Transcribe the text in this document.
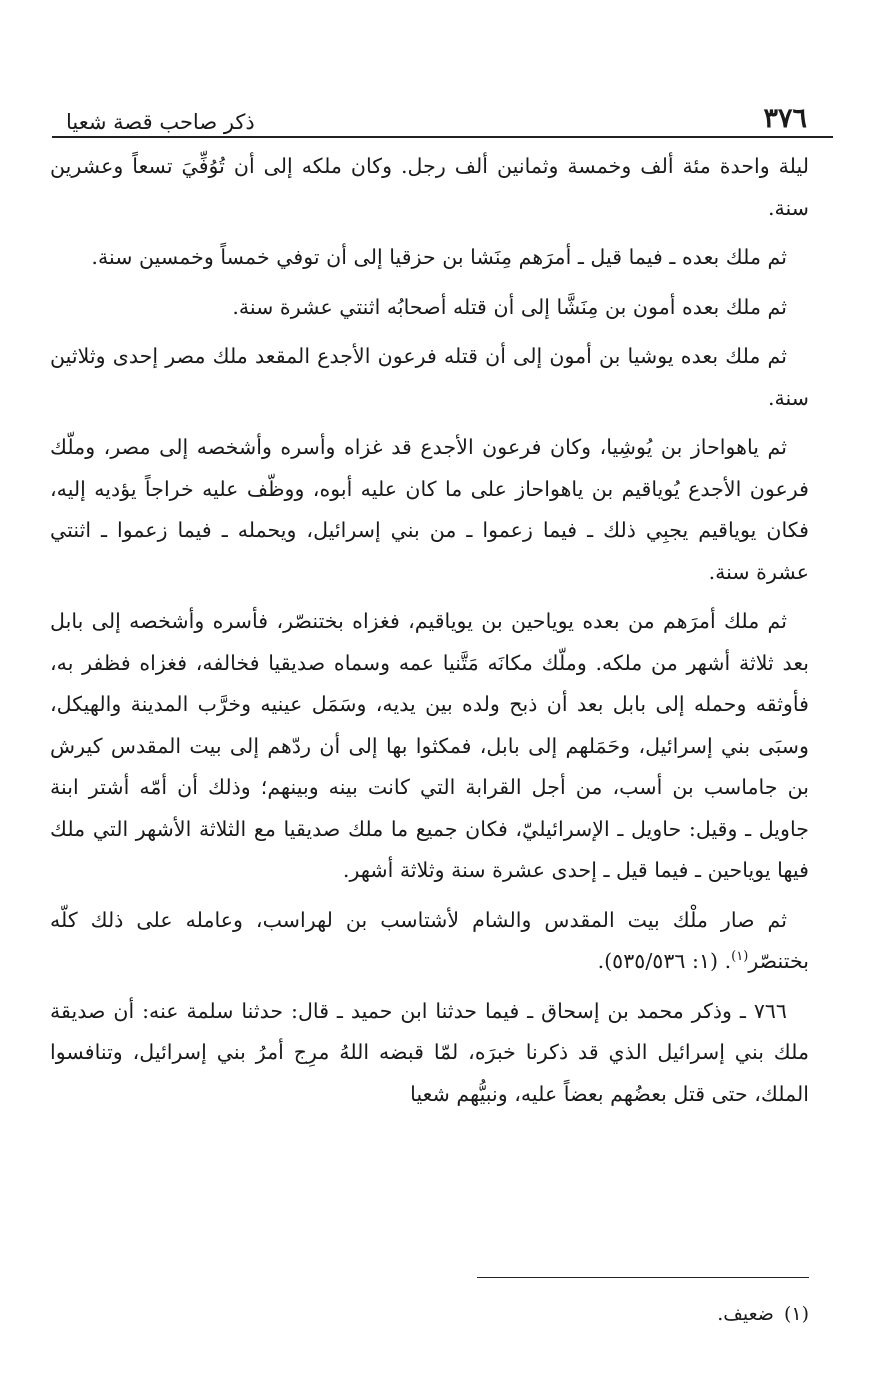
٣٧٦
ذكر صاحب قصة شعيا

ليلة واحدة مئة ألف وخمسة وثمانين ألف رجل. وكان ملكه إلى أن تُوُفِّيَ تسعاً وعشرين سنة.

ثم ملك بعده ـ فيما قيل ـ أمرَهم مِنَشا بن حزقيا إلى أن توفي خمساً وخمسين سنة.

ثم ملك بعده أمون بن مِنَشَّا إلى أن قتله أصحابُه اثنتي عشرة سنة.

ثم ملك بعده يوشيا بن أمون إلى أن قتله فرعون الأجدع المقعد ملك مصر إحدى وثلاثين سنة.

ثم ياهواحاز بن يُوشِيا، وكان فرعون الأجدع قد غزاه وأسره وأشخصه إلى مصر، وملّك فرعون الأجدع يُوياقيم بن ياهواحاز على ما كان عليه أبوه، ووظّف عليه خراجاً يؤديه إليه، فكان يوياقيم يجبِي ذلك ـ فيما زعموا ـ من بني إسرائيل، ويحمله ـ فيما زعموا ـ اثنتي عشرة سنة.

ثم ملك أمرَهم من بعده يوياحين بن يوياقيم، فغزاه بختنصّر، فأسره وأشخصه إلى بابل بعد ثلاثة أشهر من ملكه. وملّك مكانَه مَتَّنيا عمه وسماه صديقيا فخالفه، فغزاه فظفر به، فأوثقه وحمله إلى بابل بعد أن ذبح ولده بين يديه، وسَمَل عينيه وخرَّب المدينة والهيكل، وسبَى بني إسرائيل، وحَمَلهم إلى بابل، فمكثوا بها إلى أن ردّهم إلى بيت المقدس كيرش بن جاماسب بن أسب، من أجل القرابة التي كانت بينه وبينهم؛ وذلك أن أمّه أشتر ابنة جاويل ـ وقيل: حاويل ـ الإسرائيليّ، فكان جميع ما ملك صديقيا مع الثلاثة الأشهر التي ملك فيها يوياحين ـ فيما قيل ـ إحدى عشرة سنة وثلاثة أشهر.

ثم صار ملْك بيت المقدس والشام لأشتاسب بن لهراسب، وعامله على ذلك كلّه بختنصّر$^{(١)}$. (١: ٥٣٥/٥٣٦).

٧٦٦ ـ وذكر محمد بن إسحاق ـ فيما حدثنا ابن حميد ـ قال: حدثنا سلمة عنه: أن صديقة ملك بني إسرائيل الذي قد ذكرنا خبرَه، لمّا قبضه اللهُ مرِج أمرُ بني إسرائيل، وتنافسوا الملك، حتى قتل بعضُهم بعضاً عليه، ونبيُّهم شعيا

(١)ضعيف.
